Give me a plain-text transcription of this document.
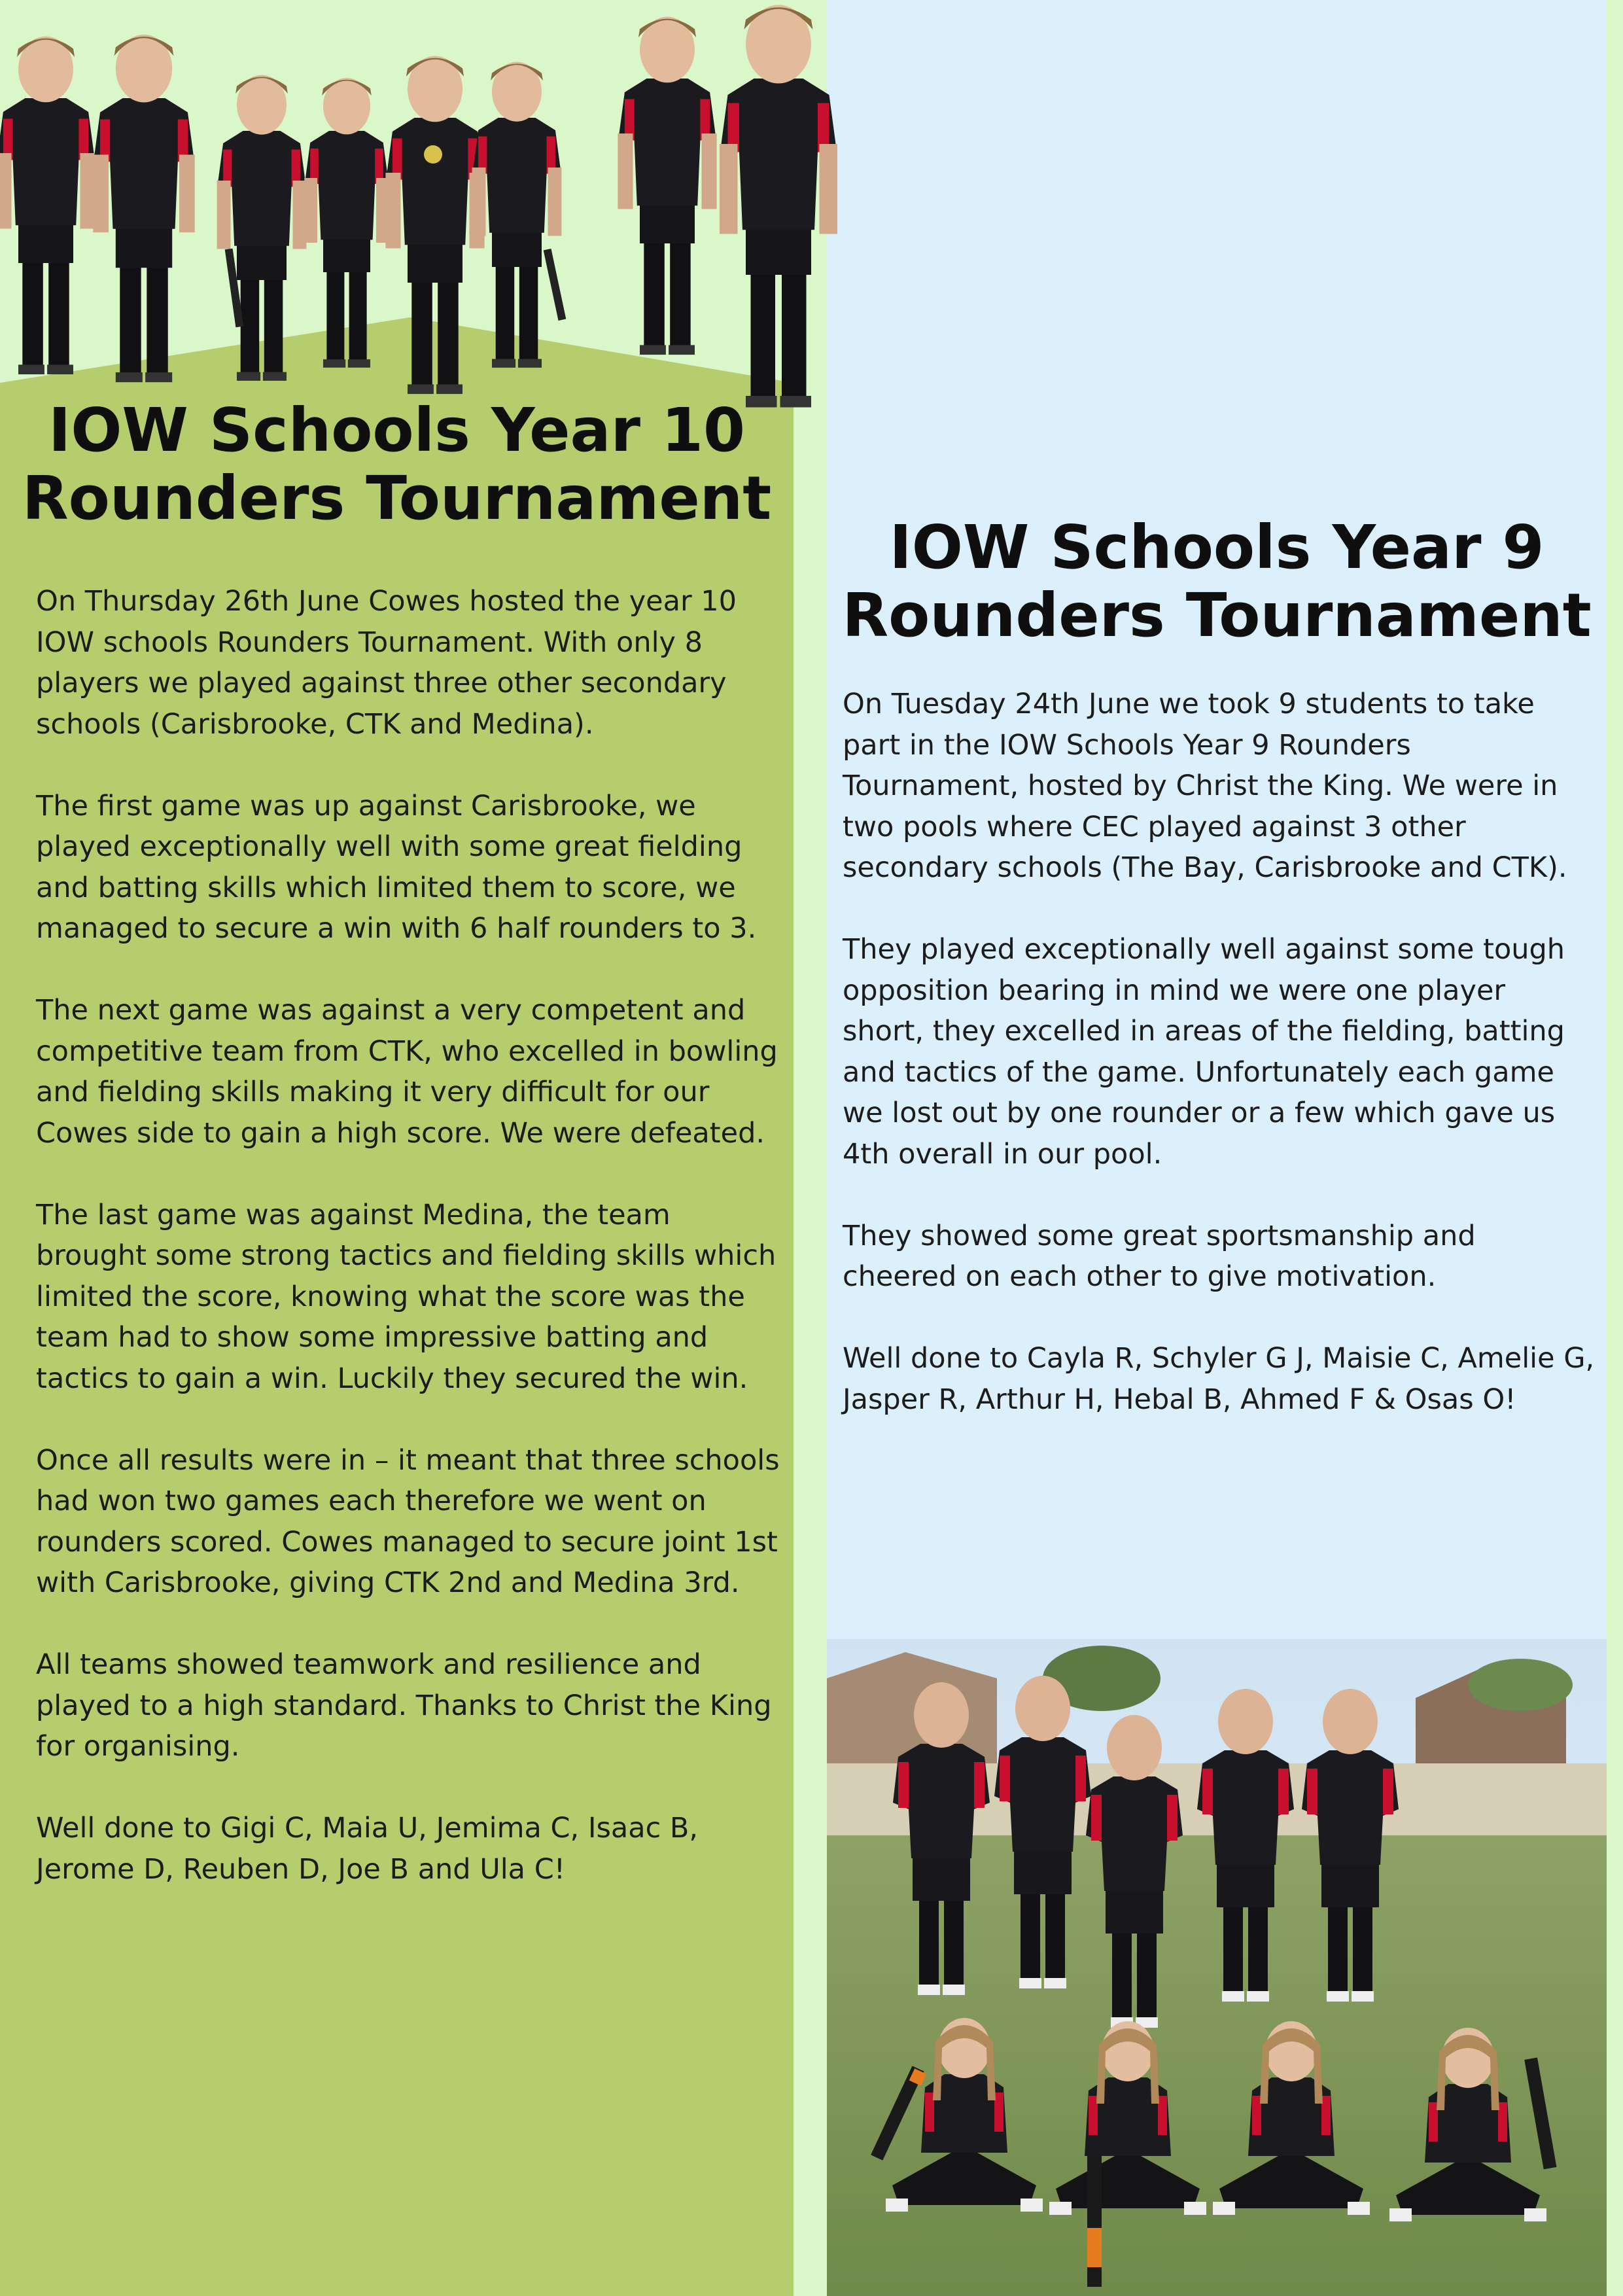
IOW Schools Year 10
Rounders Tournament

On Thursday 26th June Cowes hosted the year 10 IOW schools Rounders Tournament. With only 8 players we played against three other secondary schools (Carisbrooke, CTK and Medina).

The first game was up against Carisbrooke, we played exceptionally well with some great fielding and batting skills which limited them to score, we managed to secure a win with 6 half rounders to 3.

The next game was against a very competent and competitive team from CTK, who excelled in bowling and fielding skills making it very difficult for our Cowes side to gain a high score. We were defeated.

The last game was against Medina, the team brought some strong tactics and fielding skills which limited the score, knowing what the score was the team had to show some impressive batting and tactics to gain a win. Luckily they secured the win.

Once all results were in – it meant that three schools had won two games each therefore we went on rounders scored. Cowes managed to secure joint 1st with Carisbrooke, giving CTK 2nd and Medina 3rd.

All teams showed teamwork and resilience and played to a high standard. Thanks to Christ the King for organising.

Well done to Gigi C, Maia U, Jemima C, Isaac B, Jerome D, Reuben D, Joe B and Ula C!

IOW Schools Year 9
Rounders Tournament

On Tuesday 24th June we took 9 students to take part in the IOW Schools Year 9 Rounders Tournament, hosted by Christ the King. We were in two pools where CEC played against 3 other secondary schools (The Bay, Carisbrooke and CTK).

They played exceptionally well against some tough opposition bearing in mind we were one player short, they excelled in areas of the fielding, batting and tactics of the game. Unfortunately each game we lost out by one rounder or a few which gave us 4th overall in our pool.

They showed some great sportsmanship and cheered on each other to give motivation.

Well done to Cayla R, Schyler G J, Maisie C, Amelie G, Jasper R, Arthur H, Hebal B, Ahmed F & Osas O!
